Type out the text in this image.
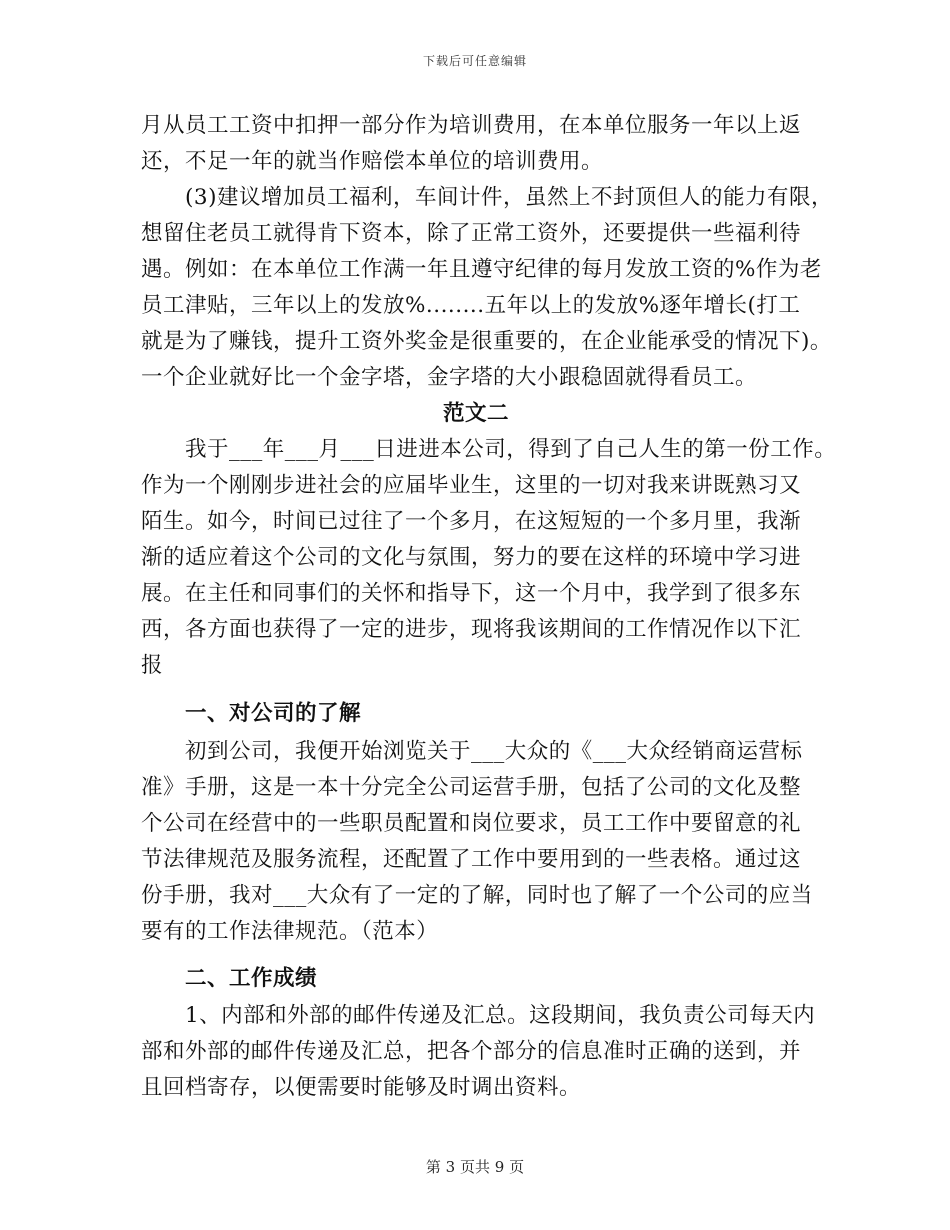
下载后可任意编辑
月从员工工资中扣押一部分作为培训费用，在本单位服务一年以上返
还，不足一年的就当作赔偿本单位的培训费用。
(3)建议增加员工福利，车间计件，虽然上不封顶但人的能力有限，
想留住老员工就得肯下资本，除了正常工资外，还要提供一些福利待
遇。例如：在本单位工作满一年且遵守纪律的每月发放工资的%作为老
员工津贴，三年以上的发放%........五年以上的发放%逐年增长(打工
就是为了赚钱，提升工资外奖金是很重要的，在企业能承受的情况下)。
一个企业就好比一个金字塔，金字塔的大小跟稳固就得看员工。
范文二
我于___年___月___日进进本公司，得到了自己人生的第一份工作。
作为一个刚刚步进社会的应届毕业生，这里的一切对我来讲既熟习又
陌生。如今，时间已过往了一个多月，在这短短的一个多月里，我渐
渐的适应着这个公司的文化与氛围，努力的要在这样的环境中学习进
展。在主任和同事们的关怀和指导下，这一个月中，我学到了很多东
西，各方面也获得了一定的进步，现将我该期间的工作情况作以下汇
报
一、对公司的了解
初到公司，我便开始浏览关于___大众的《___大众经销商运营标
准》手册，这是一本十分完全公司运营手册，包括了公司的文化及整
个公司在经营中的一些职员配置和岗位要求，员工工作中要留意的礼
节法律规范及服务流程，还配置了工作中要用到的一些表格。通过这
份手册，我对___大众有了一定的了解，同时也了解了一个公司的应当
要有的工作法律规范。（范本）
二、工作成绩
1、内部和外部的邮件传递及汇总。这段期间，我负责公司每天内
部和外部的邮件传递及汇总，把各个部分的信息准时正确的送到，并
且回档寄存，以便需要时能够及时调出资料。
第 3 页共 9 页
